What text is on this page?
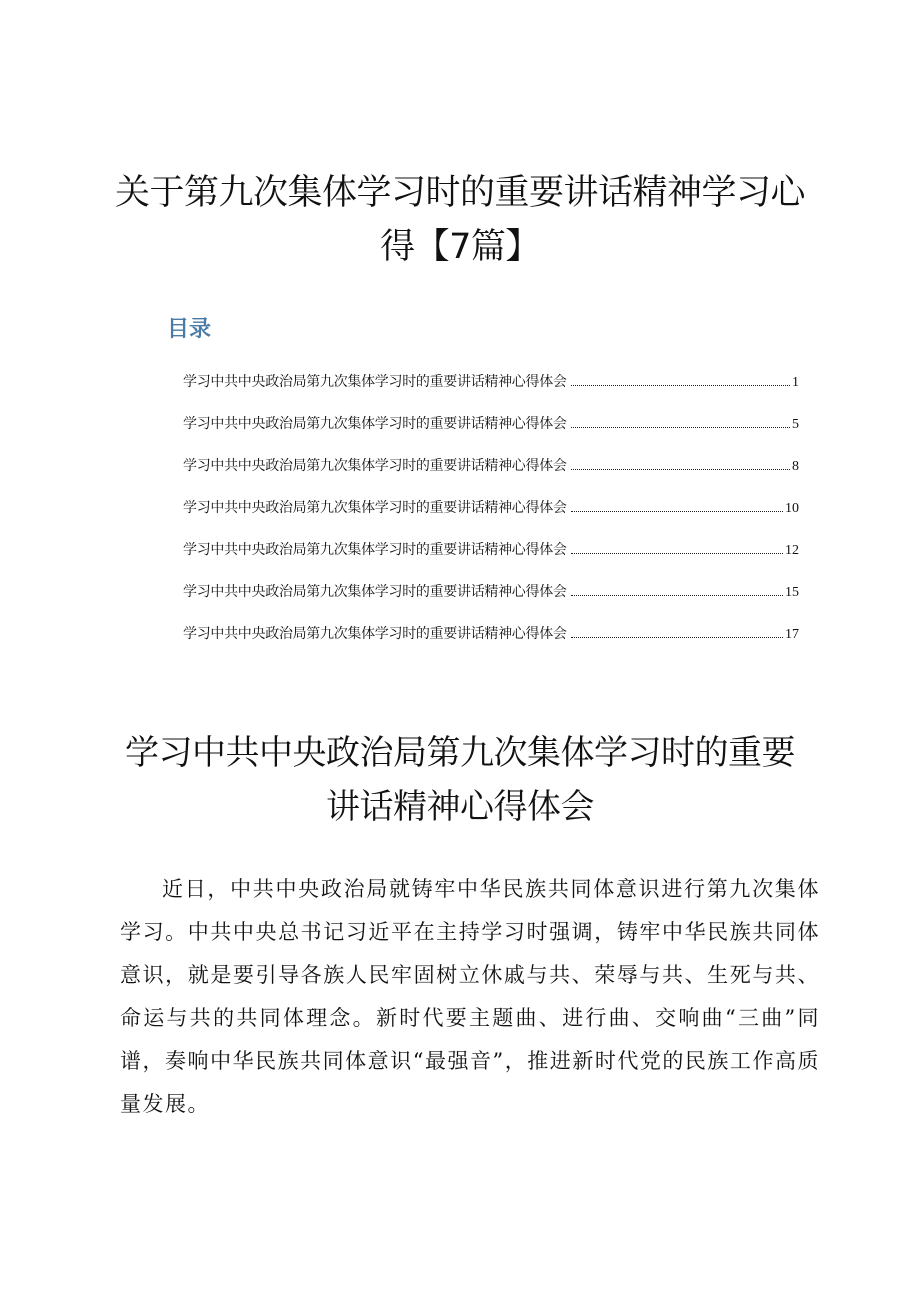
关于第九次集体学习时的重要讲话精神学习心得【7篇】
目录
学习中共中央政治局第九次集体学习时的重要讲话精神心得体会	1
学习中共中央政治局第九次集体学习时的重要讲话精神心得体会	5
学习中共中央政治局第九次集体学习时的重要讲话精神心得体会	8
学习中共中央政治局第九次集体学习时的重要讲话精神心得体会	10
学习中共中央政治局第九次集体学习时的重要讲话精神心得体会	12
学习中共中央政治局第九次集体学习时的重要讲话精神心得体会	15
学习中共中央政治局第九次集体学习时的重要讲话精神心得体会	17
学习中共中央政治局第九次集体学习时的重要讲话精神心得体会

近日，中共中央政治局就铸牢中华民族共同体意识进行第九次集体学习。中共中央总书记习近平在主持学习时强调，铸牢中华民族共同体意识，就是要引导各族人民牢固树立休戚与共、荣辱与共、生死与共、命运与共的共同体理念。新时代要主题曲、进行曲、交响曲“三曲”同谱，奏响中华民族共同体意识“最强音”，推进新时代党的民族工作高质量发展。
